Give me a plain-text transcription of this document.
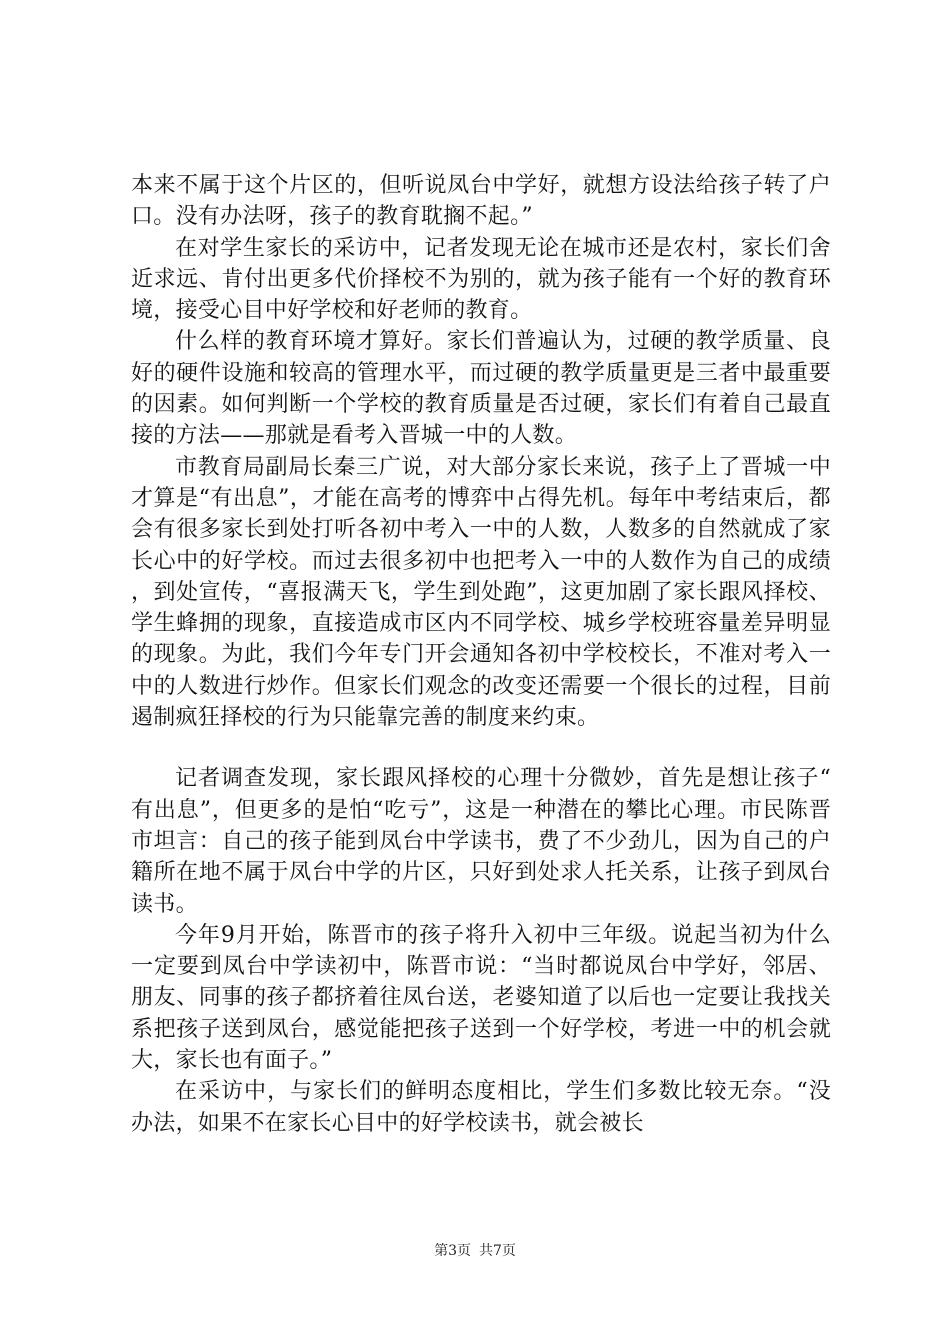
本来不属于这个片区的，但听说凤台中学好，就想方设法给孩子转了户口。没有办法呀，孩子的教育耽搁不起。”

在对学生家长的采访中，记者发现无论在城市还是农村，家长们舍近求远、肯付出更多代价择校不为别的，就为孩子能有一个好的教育环境，接受心目中好学校和好老师的教育。

什么样的教育环境才算好。家长们普遍认为，过硬的教学质量、良好的硬件设施和较高的管理水平，而过硬的教学质量更是三者中最重要的因素。如何判断一个学校的教育质量是否过硬，家长们有着自己最直接的方法——那就是看考入晋城一中的人数。

市教育局副局长秦三广说，对大部分家长来说，孩子上了晋城一中才算是“有出息”，才能在高考的博弈中占得先机。每年中考结束后，都会有很多家长到处打听各初中考入一中的人数，人数多的自然就成了家长心中的好学校。而过去很多初中也把考入一中的人数作为自己的成绩，到处宣传，“喜报满天飞，学生到处跑”，这更加剧了家长跟风择校、学生蜂拥的现象，直接造成市区内不同学校、城乡学校班容量差异明显的现象。为此，我们今年专门开会通知各初中学校校长，不准对考入一中的人数进行炒作。但家长们观念的改变还需要一个很长的过程，目前遏制疯狂择校的行为只能靠完善的制度来约束。

记者调查发现，家长跟风择校的心理十分微妙，首先是想让孩子“有出息”，但更多的是怕“吃亏”，这是一种潜在的攀比心理。市民陈晋市坦言：自己的孩子能到凤台中学读书，费了不少劲儿，因为自己的户籍所在地不属于凤台中学的片区，只好到处求人托关系，让孩子到凤台读书。

今年9月开始，陈晋市的孩子将升入初中三年级。说起当初为什么一定要到凤台中学读初中，陈晋市说：“当时都说凤台中学好，邻居、朋友、同事的孩子都挤着往凤台送，老婆知道了以后也一定要让我找关系把孩子送到凤台，感觉能把孩子送到一个好学校，考进一中的机会就大，家长也有面子。”

在采访中，与家长们的鲜明态度相比，学生们多数比较无奈。“没办法，如果不在家长心目中的好学校读书，就会被长

第3页 共7页
